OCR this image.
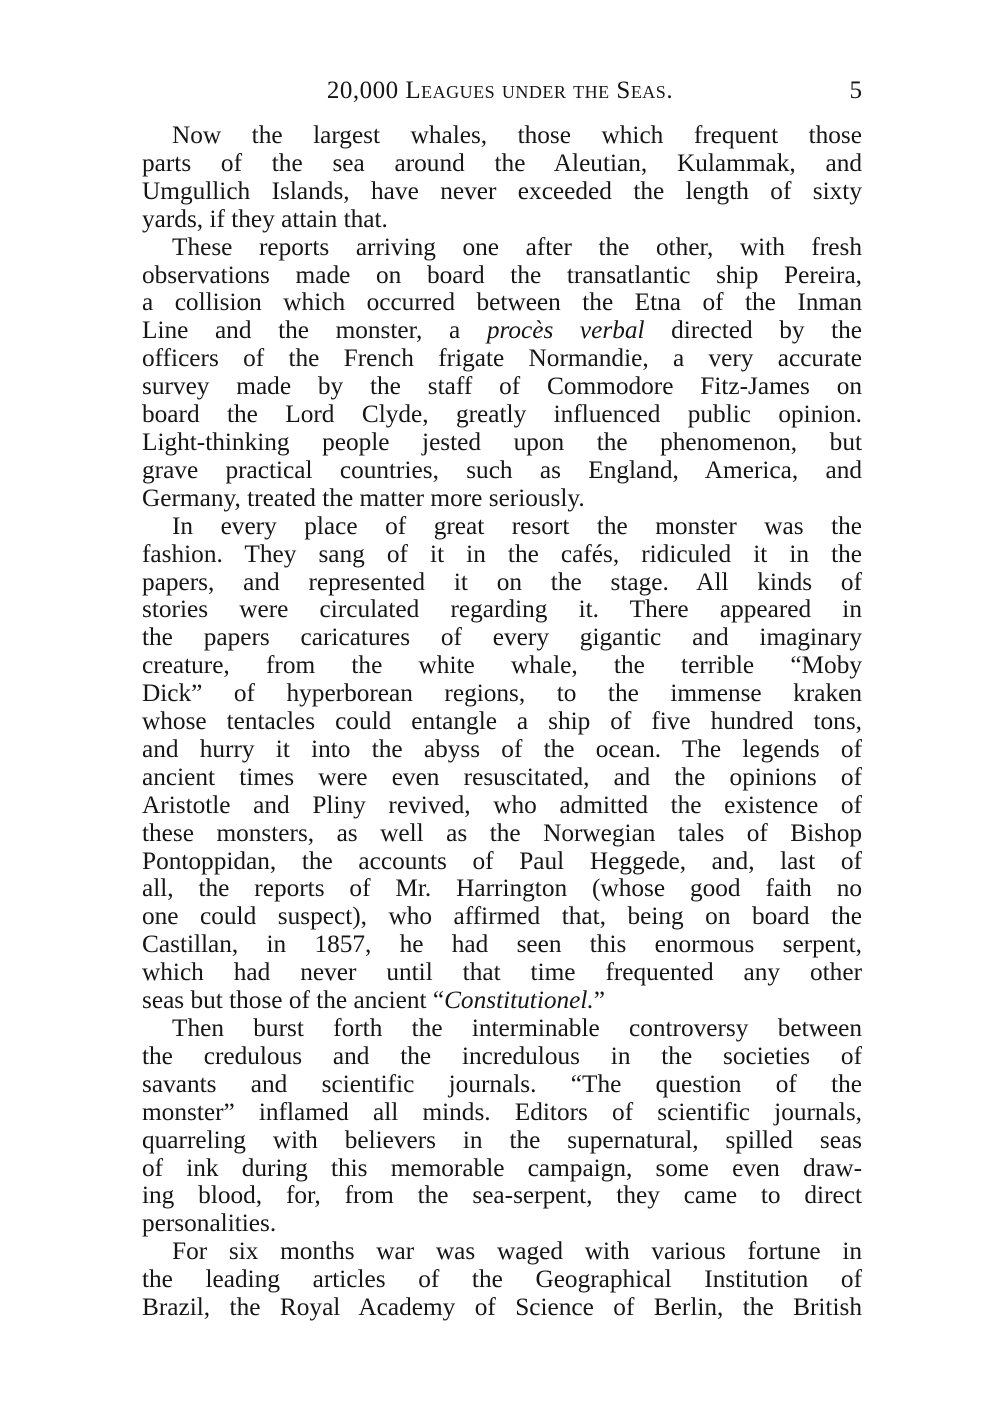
20,000 Leagues under the Seas.	5

Now the largest whales, those which frequent those
parts of the sea around the Aleutian, Kulammak, and
Umgullich Islands, have never exceeded the length of sixty
yards, if they attain that.

These reports arriving one after the other, with fresh
observations made on board the transatlantic ship Pereira,
a collision which occurred between the Etna of the Inman
Line and the monster, a procès verbal directed by the
officers of the French frigate Normandie, a very accurate
survey made by the staff of Commodore Fitz-James on
board the Lord Clyde, greatly influenced public opinion.
Light-thinking people jested upon the phenomenon, but
grave practical countries, such as England, America, and
Germany, treated the matter more seriously.

In every place of great resort the monster was the
fashion. They sang of it in the cafés, ridiculed it in the
papers, and represented it on the stage. All kinds of
stories were circulated regarding it. There appeared in
the papers caricatures of every gigantic and imaginary
creature, from the white whale, the terrible “Moby
Dick” of hyperborean regions, to the immense kraken
whose tentacles could entangle a ship of five hundred tons,
and hurry it into the abyss of the ocean. The legends of
ancient times were even resuscitated, and the opinions of
Aristotle and Pliny revived, who admitted the existence of
these monsters, as well as the Norwegian tales of Bishop
Pontoppidan, the accounts of Paul Heggede, and, last of
all, the reports of Mr. Harrington (whose good faith no
one could suspect), who affirmed that, being on board the
Castillan, in 1857, he had seen this enormous serpent,
which had never until that time frequented any other
seas but those of the ancient “Constitutionel.”

Then burst forth the interminable controversy between
the credulous and the incredulous in the societies of
savants and scientific journals. “The question of the
monster” inflamed all minds. Editors of scientific journals,
quarreling with believers in the supernatural, spilled seas
of ink during this memorable campaign, some even draw-
ing blood, for, from the sea-serpent, they came to direct
personalities.

For six months war was waged with various fortune in
the leading articles of the Geographical Institution of
Brazil, the Royal Academy of Science of Berlin, the British
